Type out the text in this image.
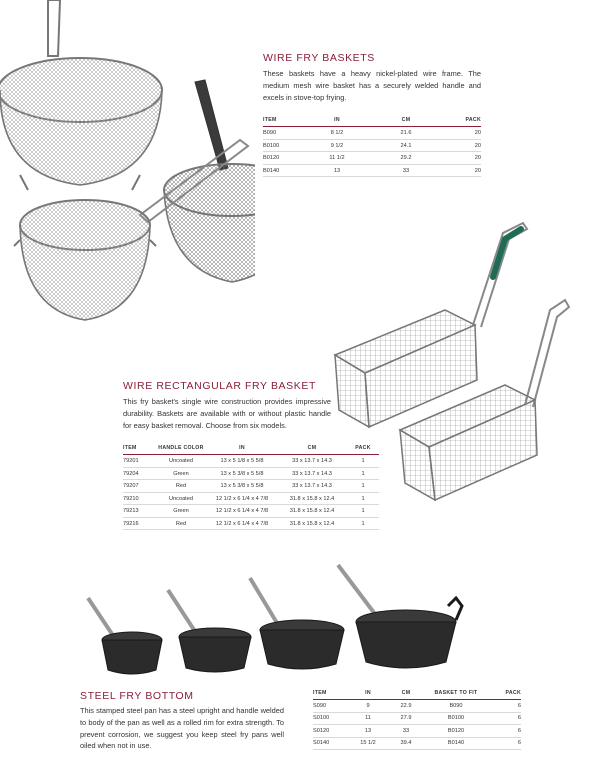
WIRE FRY BASKETS

These baskets have a heavy nickel-plated wire frame. The medium mesh wire basket has a securely welded handle and excels in stove-top frying.

ITEM	IN	CM	PACK
B090	8 1/2	21.6	20
B0100	9 1/2	24.1	20
B0120	11 1/2	29.2	20
B0140	13	33	20
WIRE RECTANGULAR FRY BASKET

This fry basket's single wire construction provides impressive durability. Baskets are available with or without plastic handle for easy basket removal. Choose from six models.

ITEM	HANDLE COLOR	IN	CM	PACK
79201	Uncoated	13 x 5 1/8 x 5 5/8	33 x 13.7 x 14.3	1
79204	Green	13 x 5 3/8 x 5 5/8	33 x 13.7 x 14.3	1
79207	Red	13 x 5 3/8 x 5 5/8	33 x 13.7 x 14.3	1
79210	Uncoated	12 1/2 x 6 1/4 x 4 7/8	31.8 x 15.8 x 12.4	1
79213	Green	12 1/2 x 6 1/4 x 4 7/8	31.8 x 15.8 x 12.4	1
79216	Red	12 1/2 x 6 1/4 x 4 7/8	31.8 x 15.8 x 12.4	1
STEEL FRY BOTTOM

This stamped steel pan has a steel upright and handle welded to body of the pan as well as a rolled rim for extra strength. To prevent corrosion, we suggest you keep steel fry pans well oiled when not in use.

ITEM	IN	CM	BASKET TO FIT	PACK
S090	9	22.9	B090	6
S0100	11	27.9	B0100	6
S0120	13	33	B0120	6
S0140	15 1/2	39.4	B0140	6
